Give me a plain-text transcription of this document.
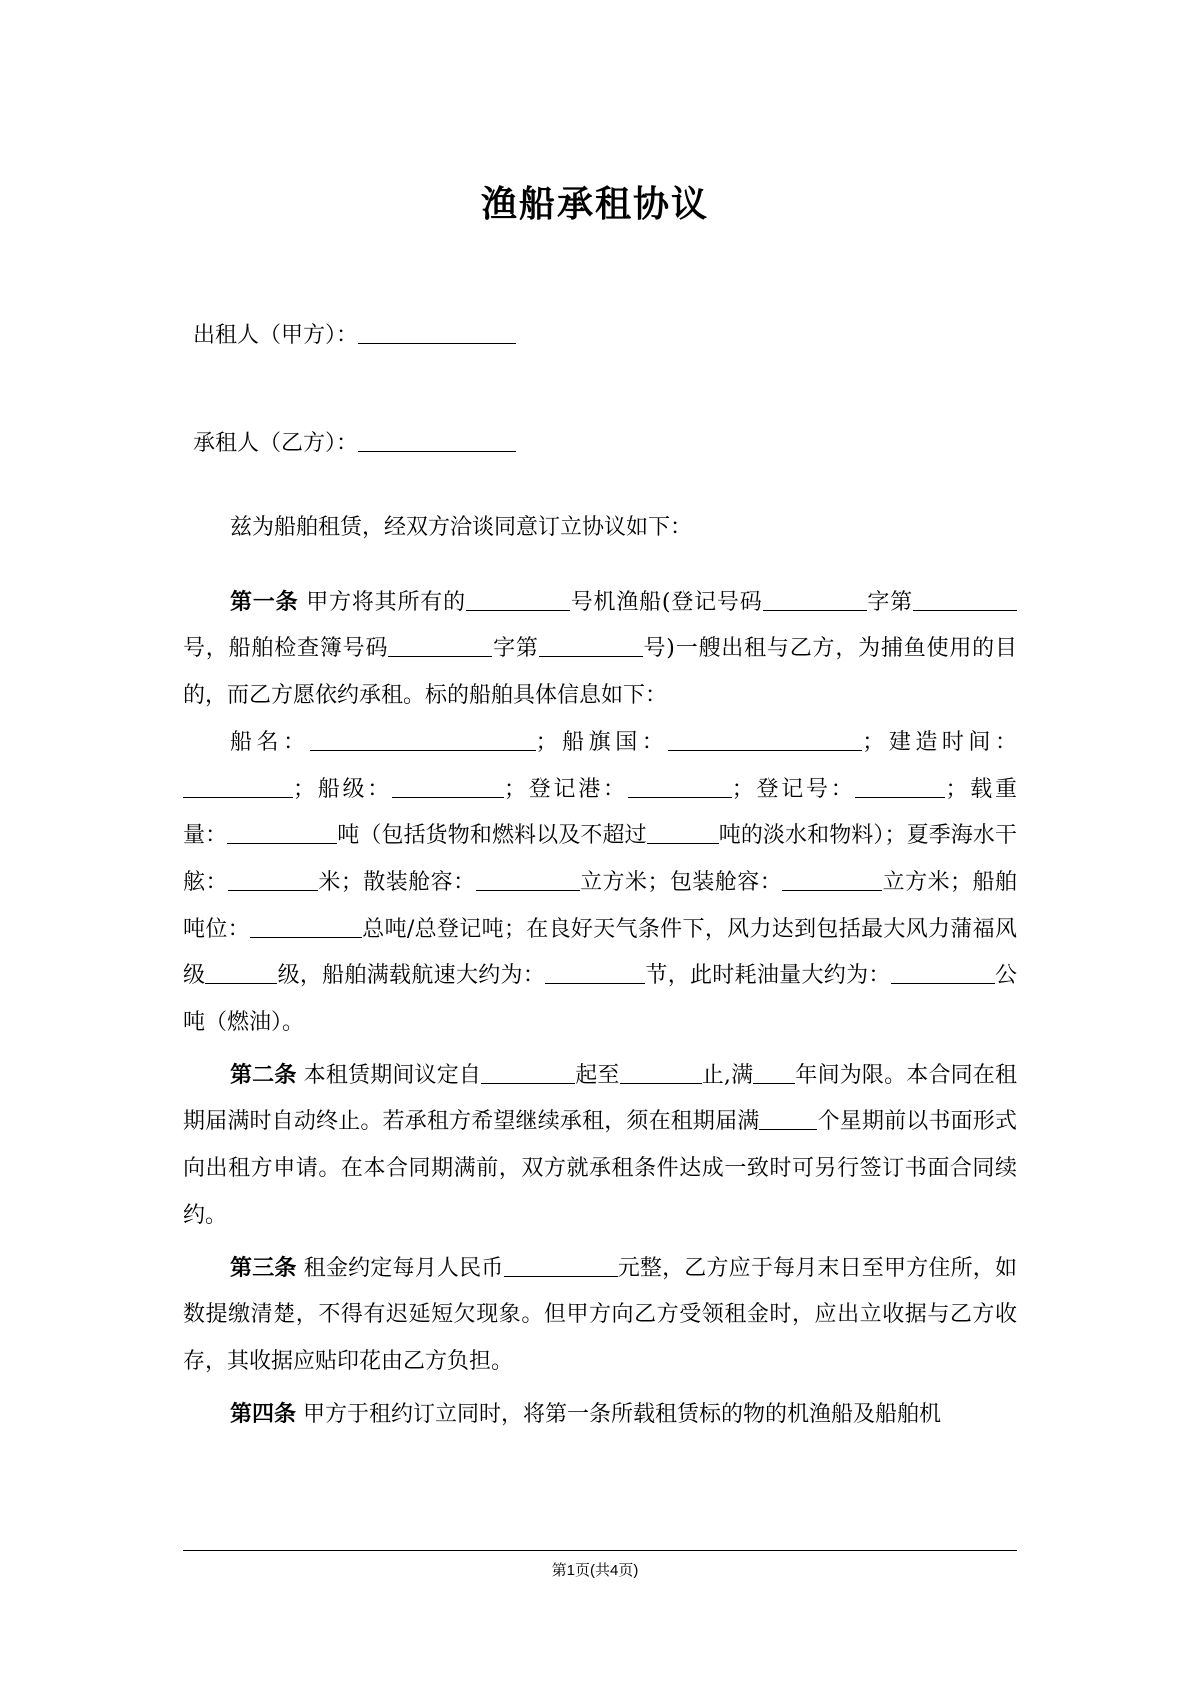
渔船承租协议
出租人（甲方）：
承租人（乙方）：

兹为船舶租赁，经双方洽谈同意订立协议如下：

第一条 甲方将其所有的	号机渔船(登记号码	字第号，船舶检查簿号码	字第	号)一艘出租与乙方，为捕鱼使用的目的，而乙方愿依约承租。标的船舶具体信息如下：

船名：	；船旗国：	；建造时间：；船级：	；登记港：	；登记号：	；载重量：	吨（包括货物和燃料以及不超过	吨的淡水和物料）；夏季海水干舷：	米；散装舱容：	立方米；包装舱容：	立方米；船舶吨位：	总吨/总登记吨；在良好天气条件下，风力达到包括最大风力蒲福风级	级，船舶满载航速大约为：	节，此时耗油量大约为：	公吨（燃油）。

第二条 本租赁期间议定自	起至	止,满 年间为限。本合同在租期届满时自动终止。若承租方希望继续承租，须在租期届满	个星期前以书面形式向出租方申请。在本合同期满前，双方就承租条件达成一致时可另行签订书面合同续约。

第三条 租金约定每月人民币	元整，乙方应于每月末日至甲方住所，如数提缴清楚，不得有迟延短欠现象。但甲方向乙方受领租金时，应出立收据与乙方收存，其收据应贴印花由乙方负担。

第四条 甲方于租约订立同时，将第一条所载租赁标的物的机渔船及船舶机

第1页(共4页)
